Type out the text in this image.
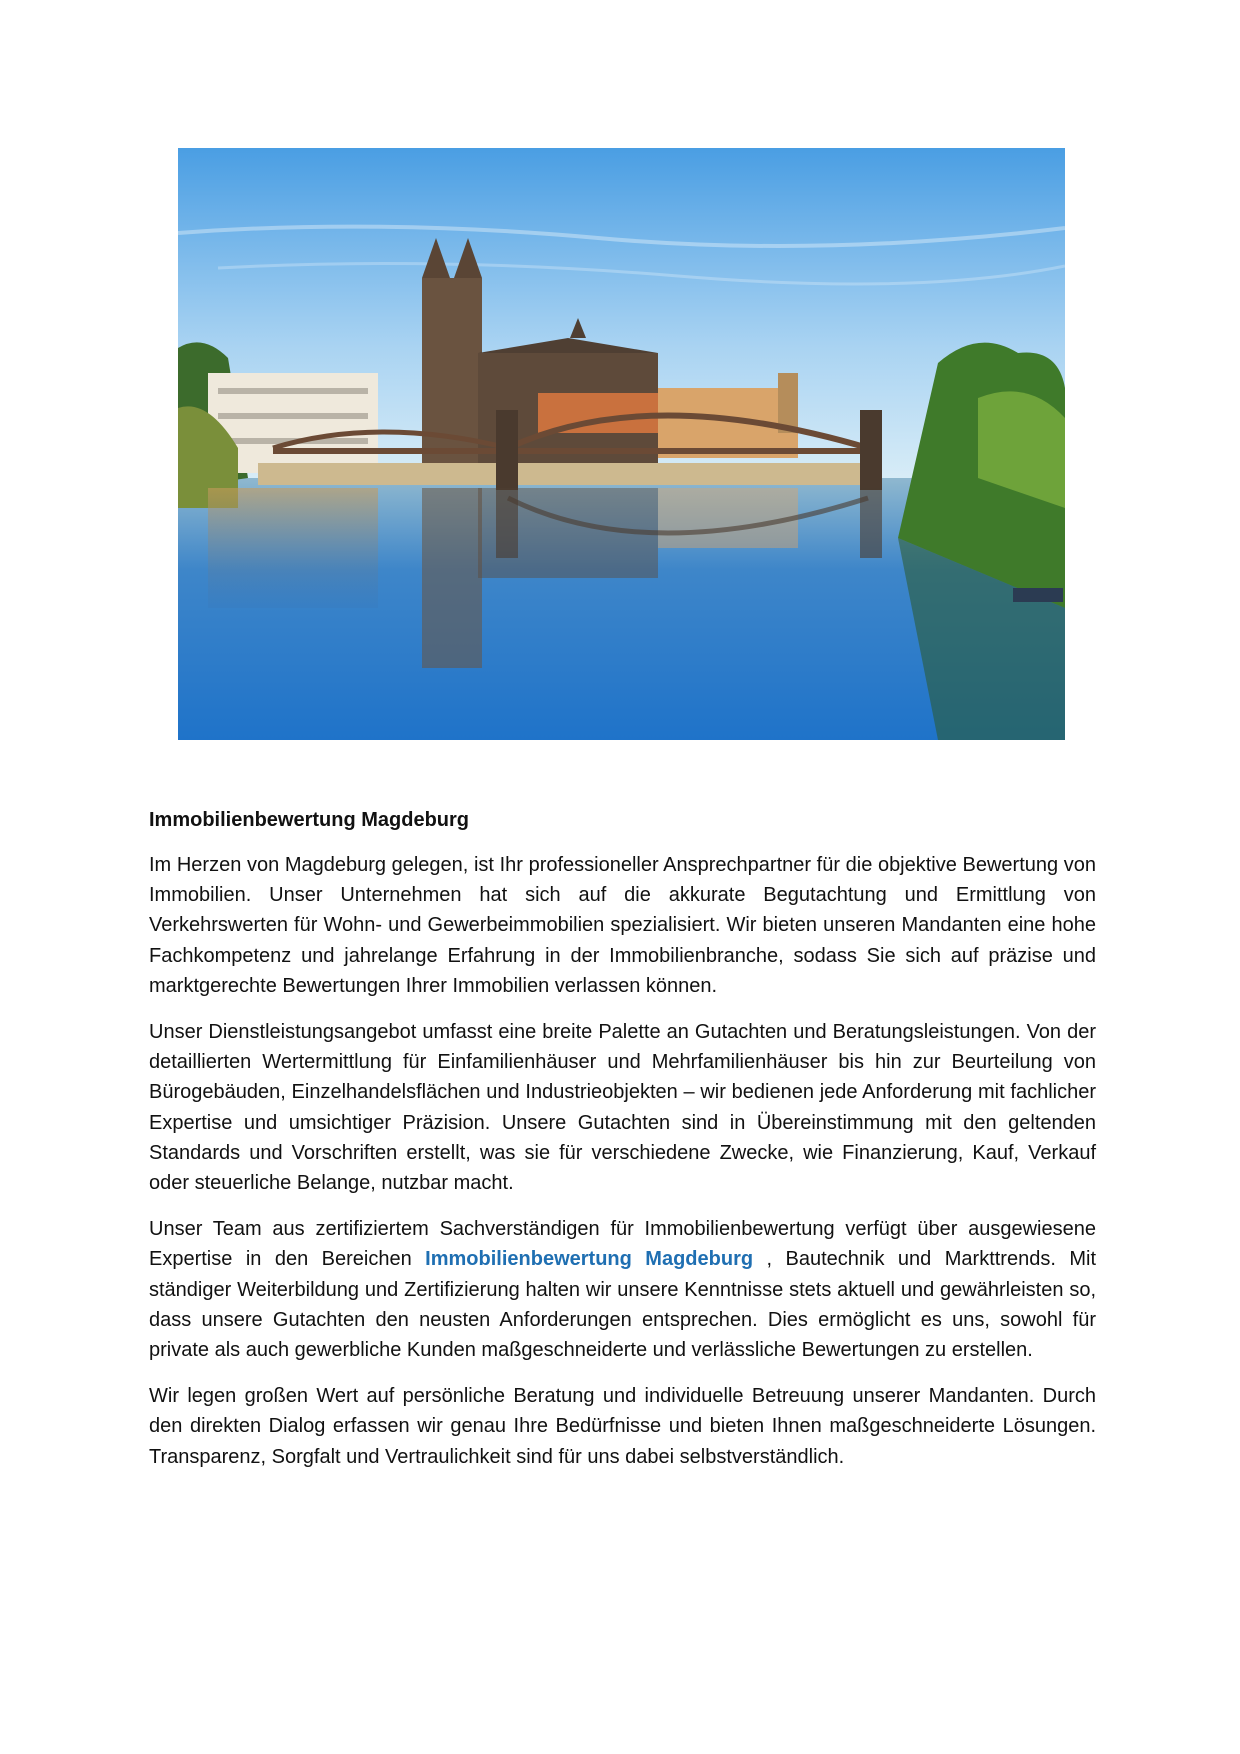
Immobilienbewertung Magdeburg

Im Herzen von Magdeburg gelegen, ist Ihr professioneller Ansprechpartner für die objektive Bewertung von Immobilien. Unser Unternehmen hat sich auf die akkurate Begutachtung und Ermittlung von Verkehrswerten für Wohn- und Gewerbeimmobilien spezialisiert. Wir bieten unseren Mandanten eine hohe Fachkompetenz und jahrelange Erfahrung in der Immobilienbranche, sodass Sie sich auf präzise und marktgerechte Bewertungen Ihrer Immobilien verlassen können.

Unser Dienstleistungsangebot umfasst eine breite Palette an Gutachten und Beratungsleistungen. Von der detaillierten Wertermittlung für Einfamilienhäuser und Mehrfamilienhäuser bis hin zur Beurteilung von Bürogebäuden, Einzelhandelsflächen und Industrieobjekten – wir bedienen jede Anforderung mit fachlicher Expertise und umsichtiger Präzision. Unsere Gutachten sind in Übereinstimmung mit den geltenden Standards und Vorschriften erstellt, was sie für verschiedene Zwecke, wie Finanzierung, Kauf, Verkauf oder steuerliche Belange, nutzbar macht.

Unser Team aus zertifiziertem Sachverständigen für Immobilienbewertung verfügt über ausgewiesene Expertise in den Bereichen Immobilienbewertung Magdeburg , Bautechnik und Markttrends. Mit ständiger Weiterbildung und Zertifizierung halten wir unsere Kenntnisse stets aktuell und gewährleisten so, dass unsere Gutachten den neusten Anforderungen entsprechen. Dies ermöglicht es uns, sowohl für private als auch gewerbliche Kunden maßgeschneiderte und verlässliche Bewertungen zu erstellen.

Wir legen großen Wert auf persönliche Beratung und individuelle Betreuung unserer Mandanten. Durch den direkten Dialog erfassen wir genau Ihre Bedürfnisse und bieten Ihnen maßgeschneiderte Lösungen. Transparenz, Sorgfalt und Vertraulichkeit sind für uns dabei selbstverständlich.
